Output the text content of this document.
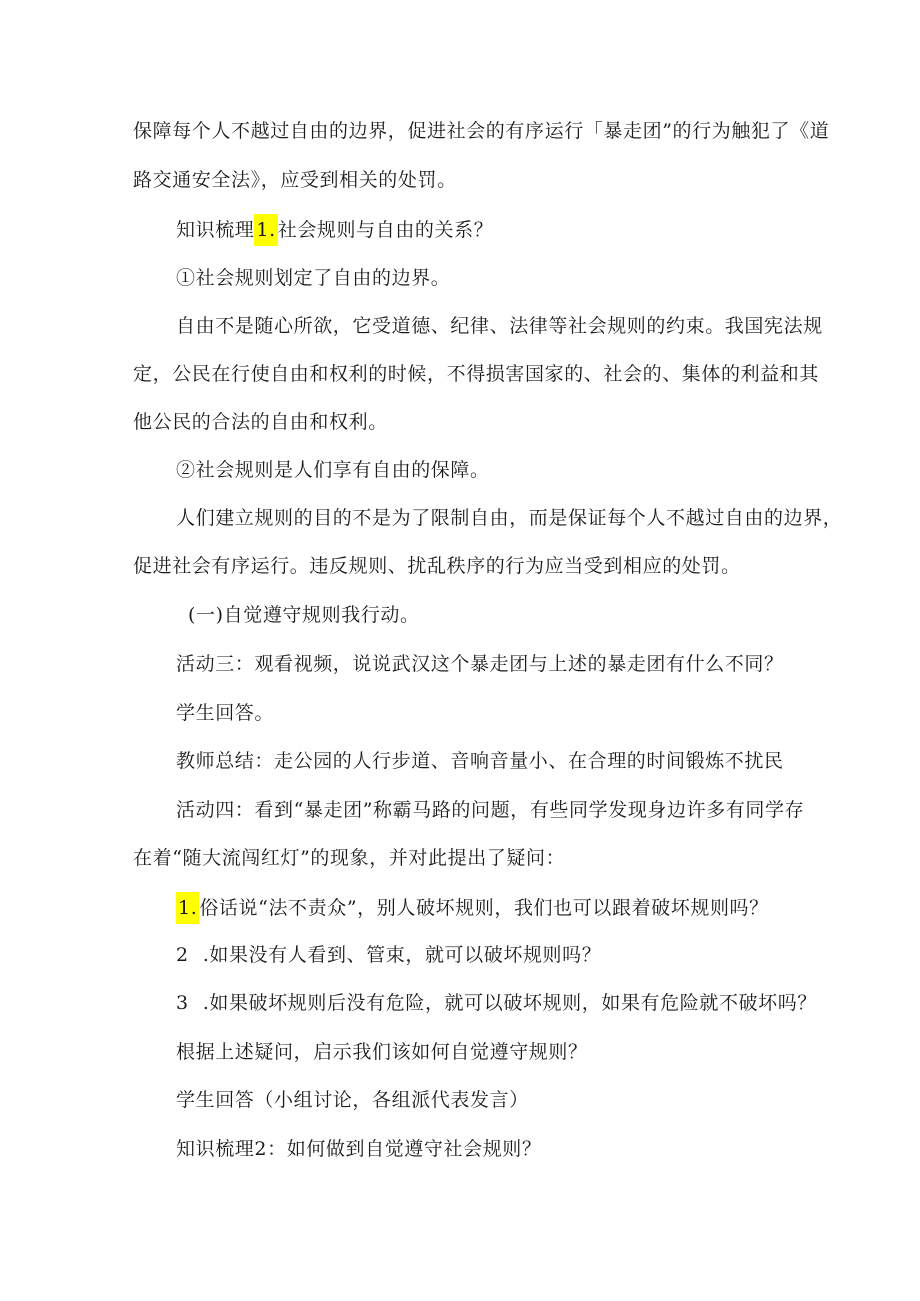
保障每个人不越过自由的边界，促进社会的有序运行「暴走团”的行为触犯了《道
路交通安全法》，应受到相关的处罚。
知识梳理 1. 社会规则与自由的关系？
①社会规则划定了自由的边界。
自由不是随心所欲，它受道德、纪律、法律等社会规则的约束。我国宪法规
定，公民在行使自由和权利的时候，不得损害国家的、社会的、集体的利益和其
他公民的合法的自由和权利。
②社会规则是人们享有自由的保障。
人们建立规则的目的不是为了限制自由，而是保证每个人不越过自由的边界，
促进社会有序运行。违反规则、扰乱秩序的行为应当受到相应的处罚。
(一)自觉遵守规则我行动。
活动三：观看视频，说说武汉这个暴走团与上述的暴走团有什么不同？
学生回答。
教师总结：走公园的人行步道、音响音量小、在合理的时间锻炼不扰民
活动四：看到“暴走团”称霸马路的问题，有些同学发现身边许多有同学存
在着“随大流闯红灯”的现象，并对此提出了疑问：
1. 俗话说“法不责众”，别人破坏规则，我们也可以跟着破坏规则吗？
2 .如果没有人看到、管束，就可以破坏规则吗？
3 .如果破坏规则后没有危险，就可以破坏规则，如果有危险就不破坏吗？
根据上述疑问，启示我们该如何自觉遵守规则？
学生回答（小组讨论，各组派代表发言）
知识梳理2：如何做到自觉遵守社会规则？
